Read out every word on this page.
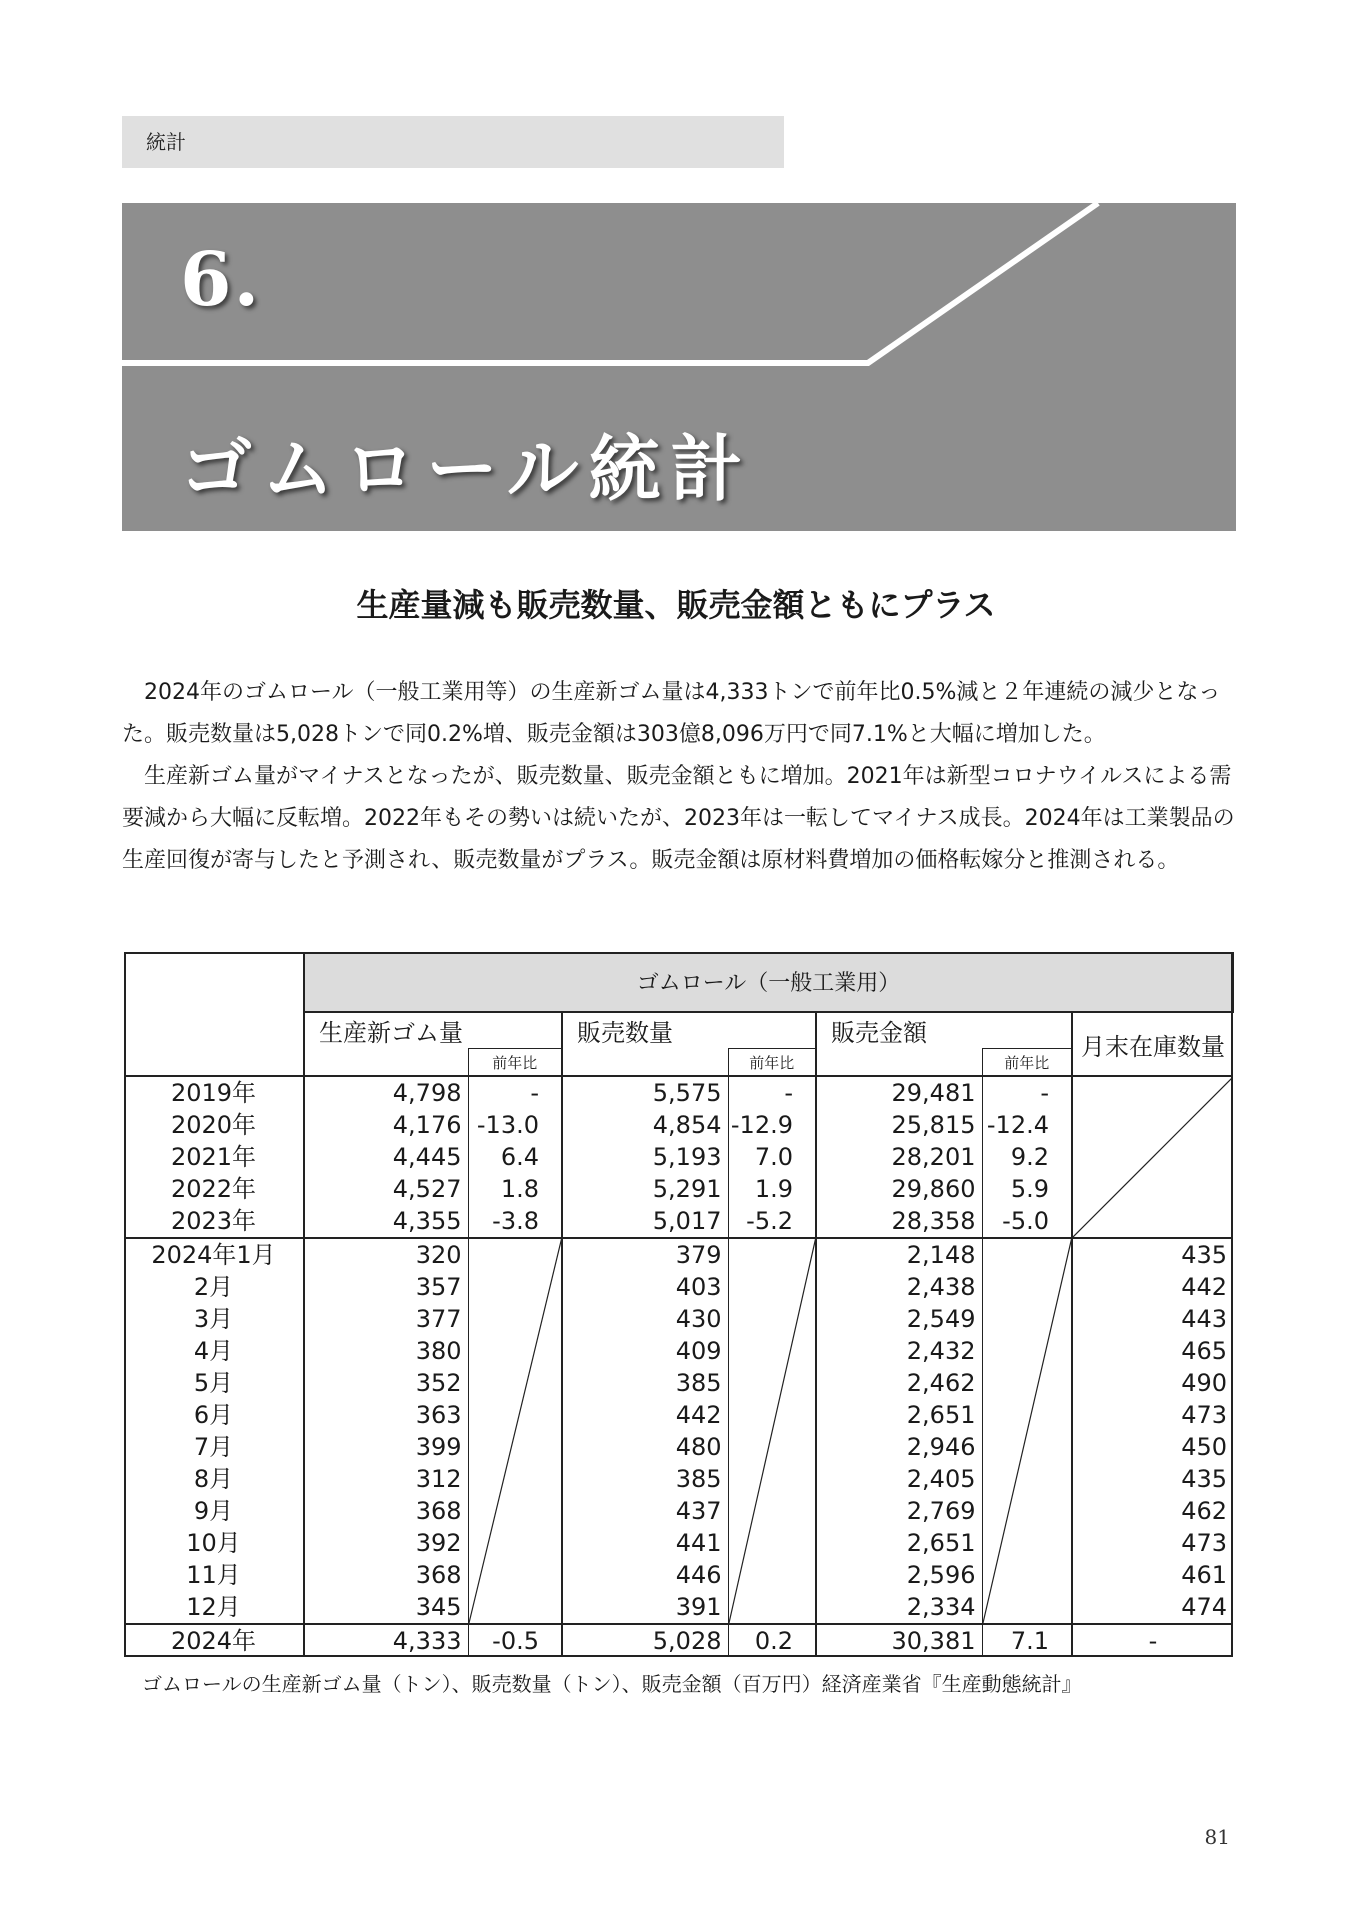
統計
6.
ゴムロール統計
生産量減も販売数量、販売金額ともにプラス

2024年のゴムロール（一般工業用等）の生産新ゴム量は4,333トンで前年比0.5%減と２年連続の減少となった。販売数量は5,028トンで同0.2%増、販売金額は303億8,096万円で同7.1%と大幅に増加した。

生産新ゴム量がマイナスとなったが、販売数量、販売金額ともに増加。2021年は新型コロナウイルスによる需要減から大幅に反転増。2022年もその勢いは続いたが、2023年は一転してマイナス成長。2024年は工業製品の生産回復が寄与したと予測され、販売数量がプラス。販売金額は原材料費増加の価格転嫁分と推測される。

	ゴムロール（一般工業用）						
	生産新ゴム量		販売数量		販売金額		月末在庫数量
		前年比		前年比		前年比	
2019年	4,798	-	5,575	-	29,481	-	

2020年	4,176	-13.0	4,854	-12.9	25,815	-12.4	
2021年	4,445	6.4	5,193	7.0	28,201	9.2	
2022年	4,527	1.8	5,291	1.9	29,860	5.9	
2023年	4,355	-3.8	5,017	-5.2	28,358	-5.0	
2024年1月	320		379		2,148		435
2月	357		403		2,438		442
3月	377		430		2,549		443
4月	380		409		2,432		465
5月	352		385		2,462		490
6月	363		442		2,651		473
7月	399		480		2,946		450
8月	312		385		2,405		435
9月	368		437		2,769		462
10月	392		441		2,651		473
11月	368		446		2,596		461
12月	345		391		2,334		474
2024年	4,333	-0.5	5,028	0.2	30,381	7.1	-
ゴムロールの生産新ゴム量（トン）、販売数量（トン）、販売金額（百万円）経済産業省『生産動態統計』
81
